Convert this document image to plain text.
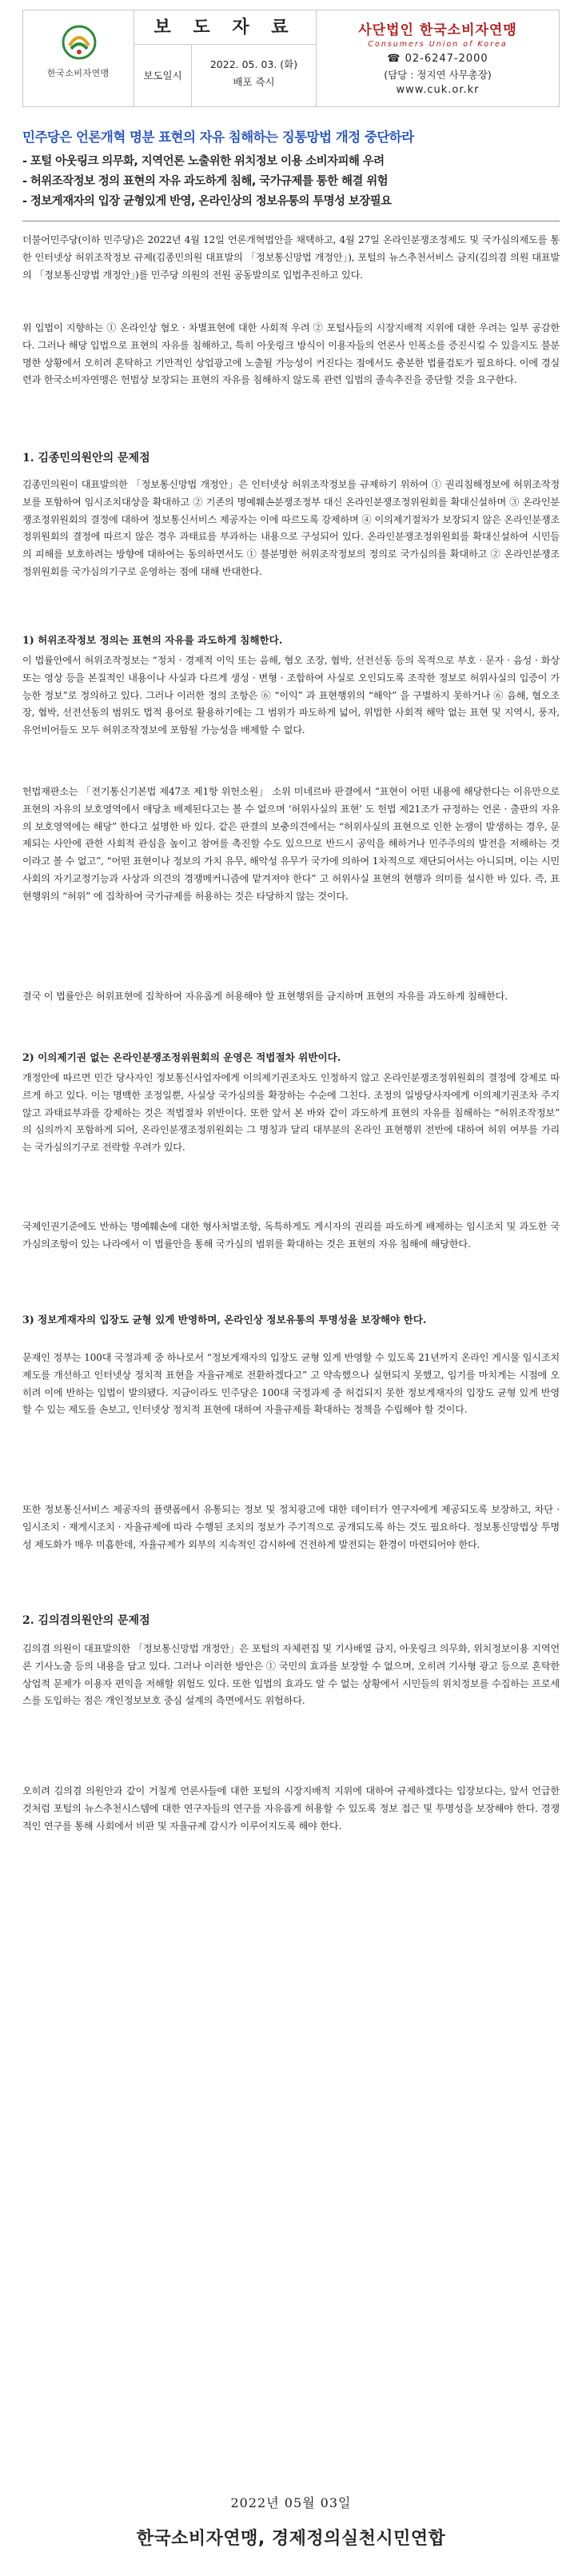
한국소비자연맹
보 도 자 료
보도일시
2022. 05. 03. (화)
배포 즉시
사단법인 한국소비자연맹
Consumers Union of Korea
☎ 02-6247-2000
(담당 : 정지연 사무총장)
www.cuk.or.kr
민주당은 언론개혁 명분 표현의 자유 침해하는 징통망법 개정 중단하라
- 포털 아웃링크 의무화, 지역언론 노출위한 위치정보 이용 소비자피해 우려
- 허위조작정보 정의 표현의 자유 과도하게 침해, 국가규제를 통한 해결 위험
- 정보게재자의 입장 균형있게 반영, 온라인상의 정보유통의 투명성 보장필요
더불어민주당(이하 민주당)은 2022년 4월 12일 언론개혁법안을 채택하고, 4월 27일 온라인분쟁조정제도 및 국가심의제도를 통한 인터넷상 허위조작정보 규제(김종민의원 대표발의 「정보통신망법 개정안」), 포털의 뉴스추천서비스 금지(김의겸 의원 대표발의 「정보통신망법 개정안」)를 민주당 의원의 전원 공동발의로 입법추진하고 있다.
위 입법이 지향하는 ① 온라인상 혐오 · 차별표현에 대한 사회적 우려 ② 포털사들의 시장지배적 지위에 대한 우려는 일부 공감한다. 그러나 해당 입법으로 표현의 자유를 침해하고, 특히 아웃링크 방식이 이용자들의 언론사 인폭소를 증진시킬 수 있을지도 불분명한 상황에서 오히려 혼탁하고 기만적인 상업광고에 노출될 가능성이 커진다는 점에서도 충분한 법률검토가 필요하다. 이에 경실련과 한국소비자연맹은 헌법상 보장되는 표현의 자유를 침해하지 않도록 관련 입법의 졸속추진을 중단할 것을 요구한다.
1. 김종민의원안의 문제점
김종민의원이 대표발의한 「정보통신망법 개정안」은 인터넷상 허위조작정보를 규제하기 위하여 ① 권리침해정보에 허위조작정보를 포함하여 임시조치대상을 확대하고 ② 기존의 명예훼손분쟁조정부 대신 온라인분쟁조정위원회를 확대신설하며 ③ 온라인분쟁조정위원회의 결정에 대하여 정보통신서비스 제공자는 이에 따르도록 강제하며 ④ 이의제기절차가 보장되지 않은 온라인분쟁조정위원회의 결정에 따르지 않은 경우 과태료를 부과하는 내용으로 구성되어 있다. 온라인분쟁조정위원회를 확대신설하여 시민들의 피해를 보호하려는 방향에 대하여는 동의하면서도 ① 불분명한 허위조작정보의 정의로 국가심의를 확대하고 ② 온라인분쟁조정위원회를 국가심의기구로 운영하는 점에 대해 반대한다.
1) 허위조작정보 정의는 표현의 자유를 과도하게 침해한다.
이 법률안에서 허위조작정보는 “정치 · 경제적 이익 또는 음해, 혐오 조장, 협박, 선전선동 등의 목적으로 부호 · 문자 · 음성 · 화상 또는 영상 등을 본질적인 내용이나 사실과 다르게 생성 · 변형 · 조합하여 사실로 오인되도록 조작한 정보로 허위사실의 입증이 가능한 정보”로 정의하고 있다. 그러나 이러한 정의 조항은 ⑥ “이익” 과 표현행위의 “해악” 을 구별하지 못하거나 ⑥ 음해, 혐오조장, 협박, 선전선동의 범위도 법적 용어로 활용하기에는 그 범위가 파도하게 넓어, 위법한 사회적 해악 없는 표현 및 지역시, 풍자, 유언비어들도 모두 허위조작정보에 포함될 가능성을 배제할 수 없다.
헌법재판소는 「전기통신기본법 제47조 제1항 위헌소원」 소위 미네르바 판결에서 “표현이 어떤 내용에 해당한다는 이유만으로 표현의 자유의 보호영역에서 애당초 배제된다고는 볼 수 없으며 ‘허위사실의 표현’ 도 헌법 제21조가 규정하는 언론 · 출판의 자유의 보호영역에는 해당” 한다고 설명한 바 있다. 같은 판결의 보충의견에서는 “허위사실의 표현으로 인한 논쟁이 발생하는 경우, 문제되는 사안에 관한 사회적 관심을 높이고 참여를 촉진할 수도 있으므로 반드시 공익을 해하거나 민주주의의 발전을 저해하는 것이라고 볼 수 없고”, “어떤 표현이나 정보의 가치 유무, 해악성 유무가 국가에 의하여 1차적으로 재단되어서는 아니되며, 이는 시민사회의 자기교정기능과 사상과 의견의 경쟁메커니즘에 맡겨져야 한다” 고 허위사실 표현의 현행과 의미를 설시한 바 있다. 즉, 표현행위의 “허위” 에 집착하여 국가규제를 허용하는 것은 타당하지 않는 것이다.
결국 이 법률안은 허위표현에 집착하여 자유롭게 허용해야 할 표현행위를 금지하며 표현의 자유를 과도하게 침해한다.
2) 이의제기권 없는 온라인분쟁조정위원회의 운영은 적법절차 위반이다.
개정안에 따르면 민간 당사자인 정보통신사업자에게 이의제기권조차도 인정하지 않고 온라인분쟁조정위원회의 결정에 강제로 따르게 하고 있다. 이는 명백한 조정일뿐, 사실상 국가심의를 확장하는 수순에 그친다. 조정의 일방당사자에게 이의제기권조차 주지 않고 과태료부과를 강제하는 것은 적법절차 위반이다. 또한 앞서 본 바와 같이 과도하게 표현의 자유를 침해하는 “허위조작정보” 의 심의까지 포함하게 되어, 온라인분쟁조정위원회는 그 명칭과 달리 대부분의 온라인 표현행위 전반에 대하여 허위 여부를 가리는 국가심의기구로 전락할 우려가 있다.
국제인권기준에도 반하는 명예훼손에 대한 형사처벌조항, 독특하게도 게시자의 권리를 파도하게 배제하는 임시조치 및 과도한 국가심의조항이 있는 나라에서 이 법률안을 통해 국가심의 범위를 확대하는 것은 표현의 자유 침해에 해당한다.
3) 정보게재자의 입장도 균형 있게 반영하며, 온라인상 정보유통의 투명성을 보장해야 한다.
문재인 정부는 100대 국정과제 중 하나로서 “정보게재자의 입장도 균형 있게 반영할 수 있도록 21년까지 온라인 게시물 임시조치제도를 개선하고 인터넷상 정치적 표현을 자율규제로 전환하겠다고” 고 약속했으나 실현되지 못했고, 임기를 마치게는 시점에 오히려 이에 반하는 입법이 발의됐다. 지금이라도 민주당은 100대 국정과제 중 허겁되지 못한 정보게재자의 입장도 균형 있게 반영할 수 있는 제도를 손보고, 인터넷상 정치적 표현에 대하여 자율규제를 확대하는 정책을 수립해야 할 것이다.
또한 정보통신서비스 제공자의 플랫폼에서 유통되는 정보 및 정치광고에 대한 데이터가 연구자에게 제공되도록 보장하고, 차단 · 임시조치 · 재게시조치 · 자율규제에 따라 수행된 조치의 정보가 주기적으로 공개되도록 하는 것도 필요하다. 정보통신망법상 투명성 제도화가 매우 미흡한데, 자율규제가 외부의 지속적인 감시하에 건전하게 발전되는 환경이 마련되어야 한다.
2. 김의겸의원안의 문제점
김의겸 의원이 대표발의한 「정보통신망법 개정안」은 포털의 자체편집 및 기사배열 금지, 아웃링크 의무화, 위치정보이용 지역언론 기사노출 등의 내용을 담고 있다. 그러나 이러한 방안은 ① 국민의 효과를 보장할 수 없으며, 오히려 기사형 광고 등으로 혼탁한 상업적 문제가 이용자 편익을 저해할 위험도 있다. 또한 입법의 효과도 알 수 없는 상황에서 시민들의 위치정보를 수집하는 프로세스를 도입하는 점은 개인정보보호 중심 설계의 측면에서도 위험하다.
오히려 김의겸 의원안과 같이 거칠게 언론사들에 대한 포털의 시장지배적 지위에 대하여 규제하겠다는 입장보다는, 앞서 언급한 것처럼 포털의 뉴스추천시스템에 대한 연구자들의 연구를 자유롭게 허용할 수 있도록 정보 접근 및 투명성을 보장해야 한다. 경쟁적인 연구를 통해 사회에서 비판 및 자율규제 감시가 이루어지도록 해야 한다.
2022년 05월 03일
한국소비자연맹, 경제정의실천시민연합
